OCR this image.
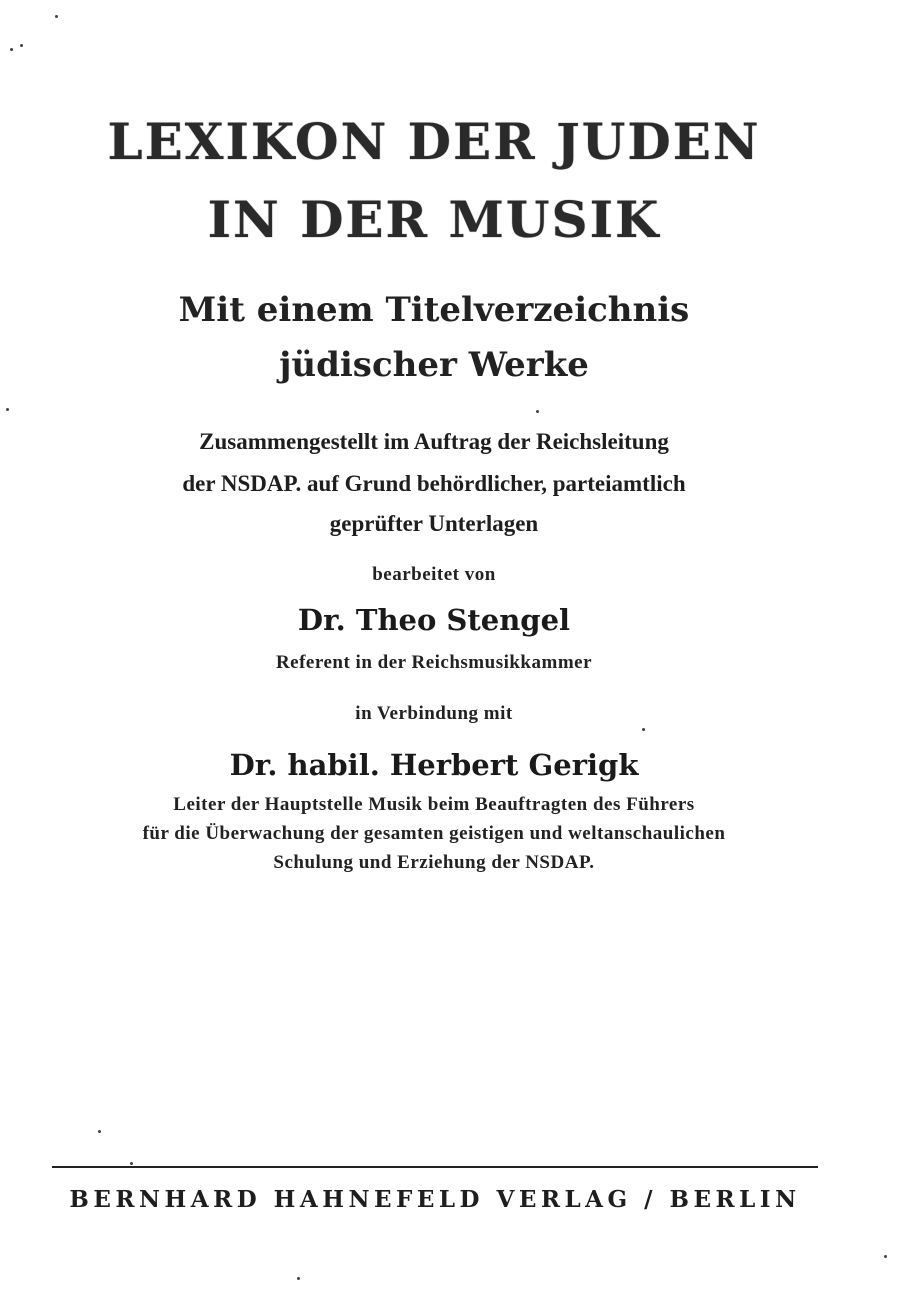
LEXIKON DER JUDEN
IN DER MUSIK
Mit einem Titelverzeichnis
jüdischer Werke
Zusammengestellt im Auftrag der Reichsleitung
der NSDAP. auf Grund behördlicher, parteiamtlich
geprüfter Unterlagen
bearbeitet von
Dr. Theo Stengel
Referent in der Reichsmusikkammer
in Verbindung mit
Dr. habil. Herbert Gerigk
Leiter der Hauptstelle Musik beim Beauftragten des Führers
für die Überwachung der gesamten geistigen und weltanschaulichen
Schulung und Erziehung der NSDAP.
BERNHARD HAHNEFELD VERLAG / BERLIN
